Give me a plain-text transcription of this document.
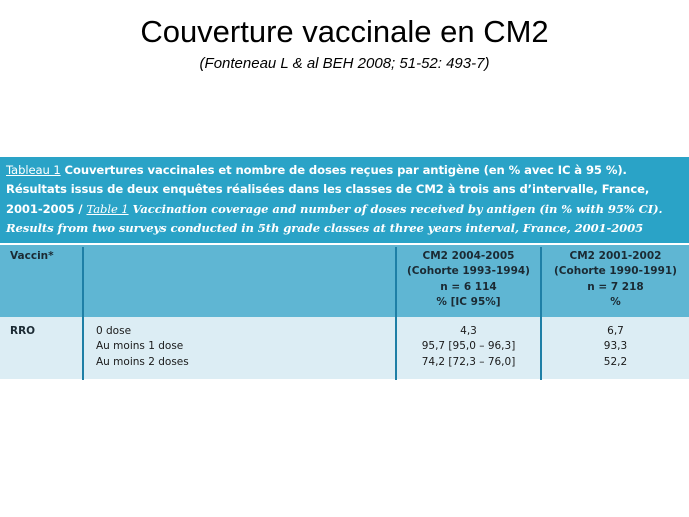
Couverture vaccinale en CM2
(Fonteneau L & al BEH 2008; 51-52: 493-7)
Tableau 1 Couvertures vaccinales et nombre de doses reçues par antigène (en % avec IC à 95 %).
Résultats issus de deux enquêtes réalisées dans les classes de CM2 à trois ans d’intervalle, France,
2001-2005 / Table 1 Vaccination coverage and number of doses received by antigen (in % with 95% CI).
Results from two surveys conducted in 5th grade classes at three years interval, France, 2001-2005
Vaccin*	CM2 2004-2005
(Cohorte 1993-1994)
n = 6 114
% [IC 95%]
CM2 2001-2002
(Cohorte 1990-1991)
n = 7 218
%
RRO	0 dose
Au moins 1 dose
Au moins 2 doses
4,3
95,7 [95,0 – 96,3]
74,2 [72,3 – 76,0]
6,7
93,3
52,2
